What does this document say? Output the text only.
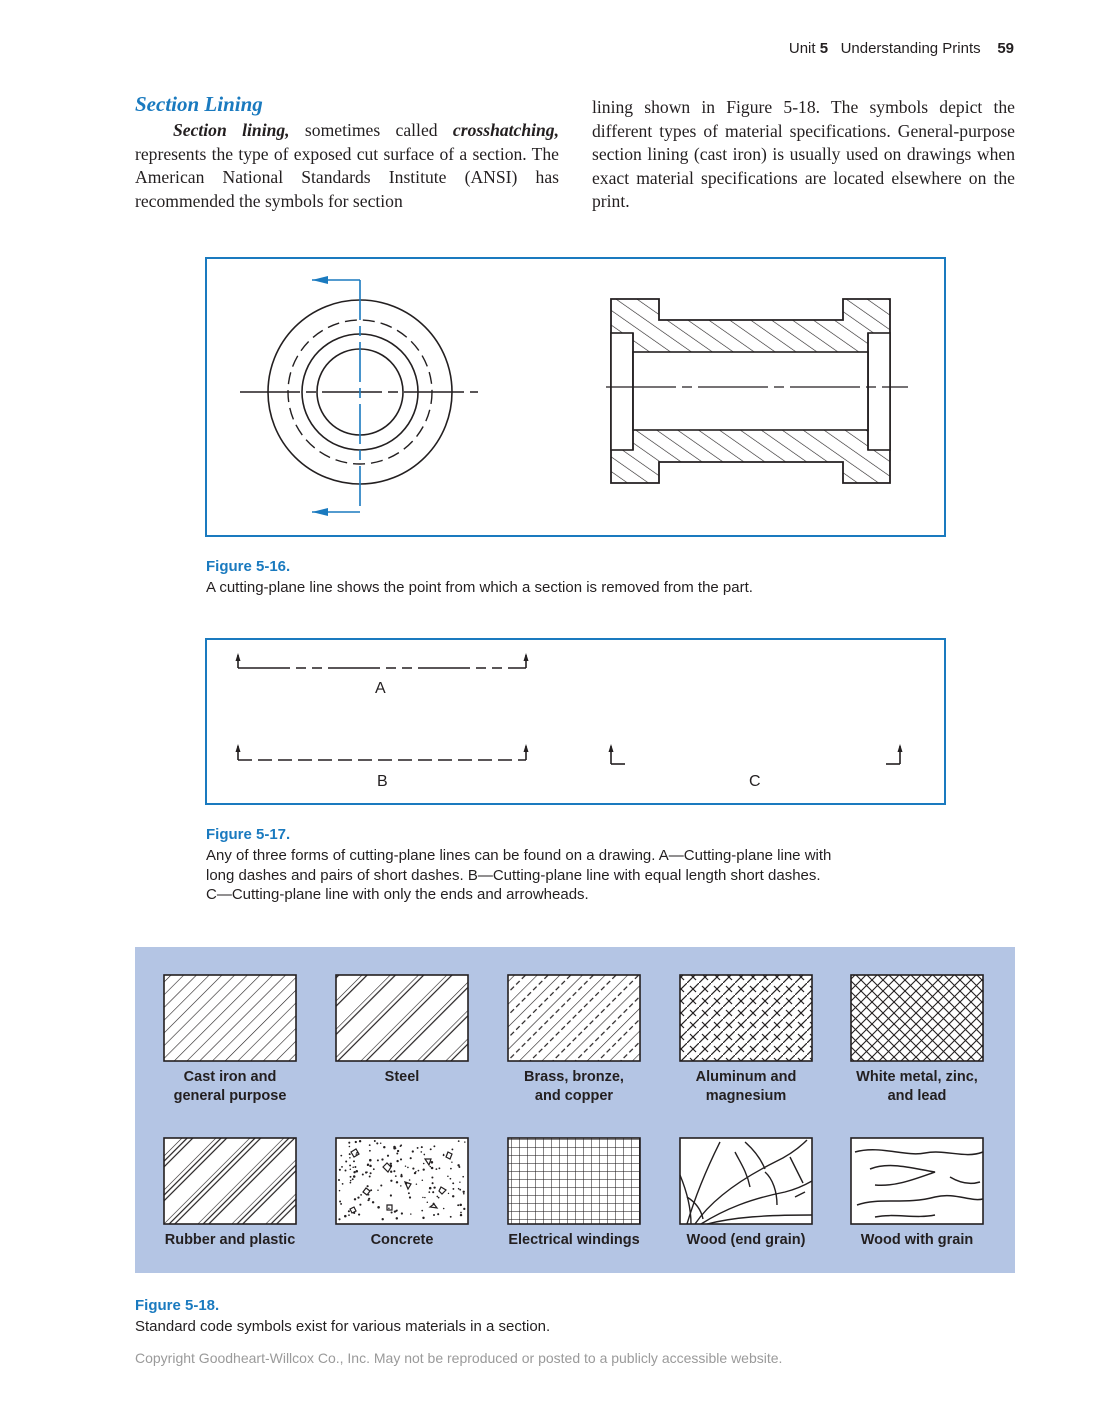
Unit 5 Understanding Prints 59
Section Lining
Section lining, sometimes called crosshatching, represents the type of exposed cut surface of a section. The American National Standards Institute (ANSI) has recommended the symbols for section
lining shown in Figure 5-18. The symbols depict the different types of material specifications. General-purpose section lining (cast iron) is usually used on drawings when exact material specifications are located elsewhere on the print.
Figure 5-16.
A cutting-plane line shows the point from which a section is removed from the part.
A
B	C
Figure 5-17.
Any of three forms of cutting-plane lines can be found on a drawing. A—Cutting-plane line with
long dashes and pairs of short dashes. B—Cutting-plane line with equal length short dashes.
C—Cutting-plane line with only the ends and arrowheads.
Cast iron and
general purpose
Steel	Brass, bronze,
and copper
Aluminum and
magnesium
White metal, zinc,
and lead
Rubber and plastic	Concrete	Electrical windings	Wood (end grain)	Wood with grain
Figure 5-18.
Standard code symbols exist for various materials in a section.
Copyright Goodheart-Willcox Co., Inc. May not be reproduced or posted to a publicly accessible website.
